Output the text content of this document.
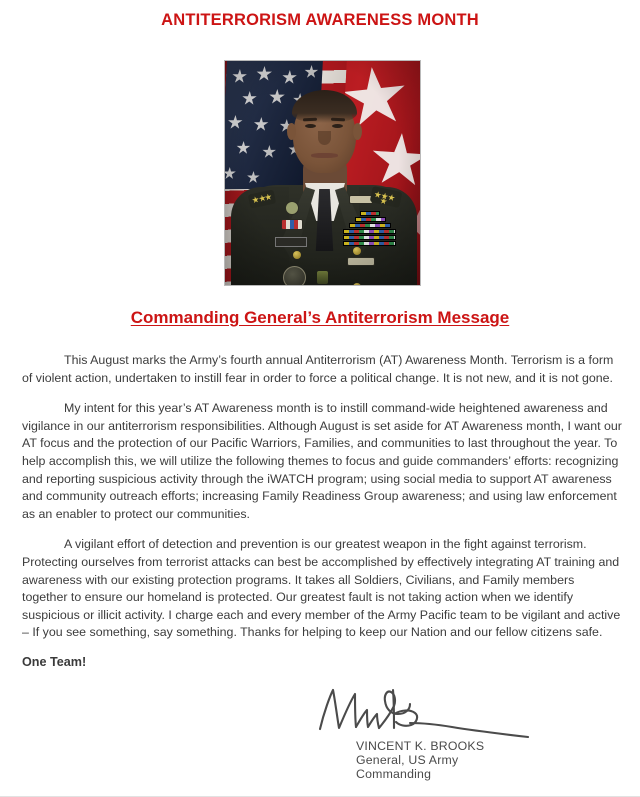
ANTITERRORISM AWARENESS MONTH
Commanding General’s Antiterrorism Message

This August marks the Army’s fourth annual Antiterrorism (AT) Awareness Month. Terrorism is a form of violent action, undertaken to instill fear in order to force a political change. It is not new, and it is not gone.

My intent for this year’s AT Awareness month is to instill command-wide heightened awareness and vigilance in our antiterrorism responsibilities. Although August is set aside for AT Awareness month, I want our AT focus and the protection of our Pacific Warriors, Families, and communities to last throughout the year. To help accomplish this, we will utilize the following themes to focus and guide commanders’ efforts: recognizing and reporting suspicious activity through the iWATCH program; using social media to support AT awareness and community outreach efforts; increasing Family Readiness Group awareness; and using law enforcement as an enabler to protect our communities.

A vigilant effort of detection and prevention is our greatest weapon in the fight against terrorism. Protecting ourselves from terrorist attacks can best be accomplished by effectively integrating AT training and awareness with our existing protection programs. It takes all Soldiers, Civilians, and Family members together to ensure our homeland is protected. Our greatest fault is not taking action when we identify suspicious or illicit activity. I charge each and every member of the Army Pacific team to be vigilant and active – If you see something, say something. Thanks for helping to keep our Nation and our fellow citizens safe.

One Team!
VINCENT K. BROOKS
General, US Army
Commanding
